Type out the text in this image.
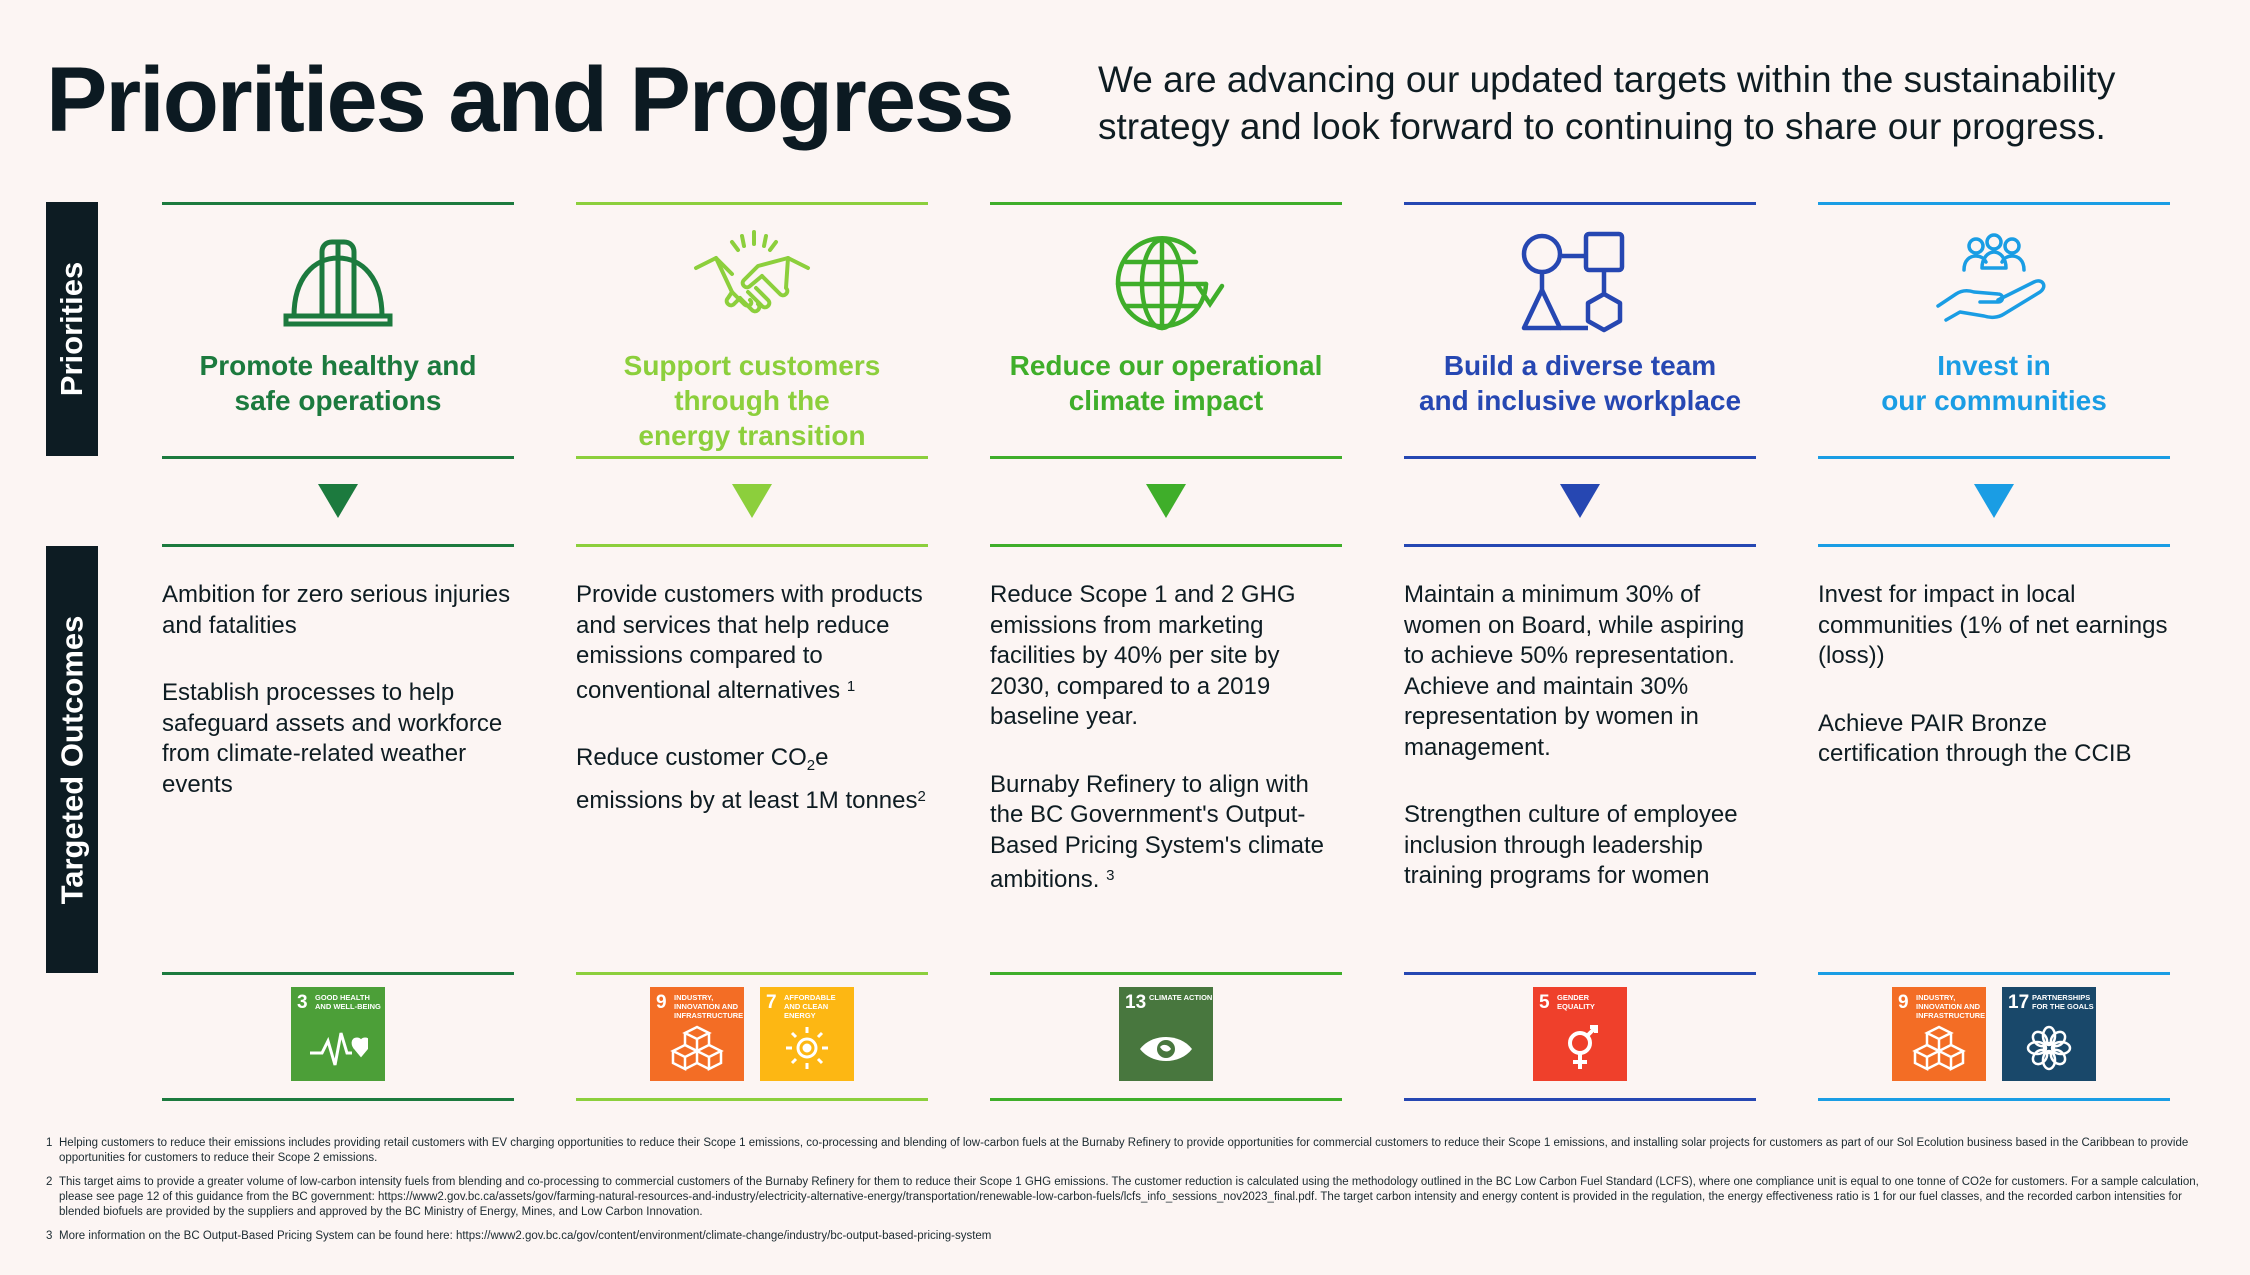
Priorities and Progress We are advancing our updated targets within the sustainability strategy and look forward to continuing to share our progress.
Priorities
Targeted Outcomes
Promote healthy and
safe operations

Ambition for zero serious injuries and fatalities

Establish processes to help safeguard assets and workforce from climate-related weather events

3 GOOD HEALTH AND WELL-BEING
Support customers
through the
energy transition

Provide customers with products and services that help reduce emissions compared to conventional alternatives $^1$

Reduce customer $CO_2e$ emissions by at least 1M tonnes$^2$

9 INDUSTRY, INNOVATION AND INFRASTRUCTURE
7 AFFORDABLE AND CLEAN ENERGY
Reduce our operational
climate impact

Reduce Scope 1 and 2 GHG emissions from marketing facilities by 40% per site by 2030, compared to a 2019 baseline year.

Burnaby Refinery to align with the BC Government's Output-Based Pricing System's climate ambitions. $^3$

13 CLIMATE ACTION
Build a diverse team
and inclusive workplace

Maintain a minimum 30% of women on Board, while aspiring to achieve 50% representation. Achieve and maintain 30% representation by women in management.

Strengthen culture of employee inclusion through leadership training programs for women

5 GENDER EQUALITY
Invest in
our communities

Invest for impact in local communities (1% of net earnings (loss))

Achieve PAIR Bronze certification through the CCIB

9 INDUSTRY, INNOVATION AND INFRASTRUCTURE
17 PARTNERSHIPS FOR THE GOALS
1 Helping customers to reduce their emissions includes providing retail customers with EV charging opportunities to reduce their Scope 1 emissions, co-processing and blending of low-carbon fuels at the Burnaby Refinery to provide opportunities for commercial customers to reduce their Scope 1 emissions, and installing solar projects for customers as part of our Sol Ecolution business based in the Caribbean to provide opportunities for customers to reduce their Scope 2 emissions.
2 This target aims to provide a greater volume of low-carbon intensity fuels from blending and co-processing to commercial customers of the Burnaby Refinery for them to reduce their Scope 1 GHG emissions. The customer reduction is calculated using the methodology outlined in the BC Low Carbon Fuel Standard (LCFS), where one compliance unit is equal to one tonne of CO2e for customers. For a sample calculation, please see page 12 of this guidance from the BC government: https://www2.gov.bc.ca/assets/gov/farming-natural-resources-and-industry/electricity-alternative-energy/transportation/renewable-low-carbon-fuels/lcfs_info_sessions_nov2023_final.pdf. The target carbon intensity and energy content is provided in the regulation, the energy effectiveness ratio is 1 for our fuel classes, and the recorded carbon intensities for blended biofuels are provided by the suppliers and approved by the BC Ministry of Energy, Mines, and Low Carbon Innovation.
3 More information on the BC Output-Based Pricing System can be found here: https://www2.gov.bc.ca/gov/content/environment/climate-change/industry/bc-output-based-pricing-system
